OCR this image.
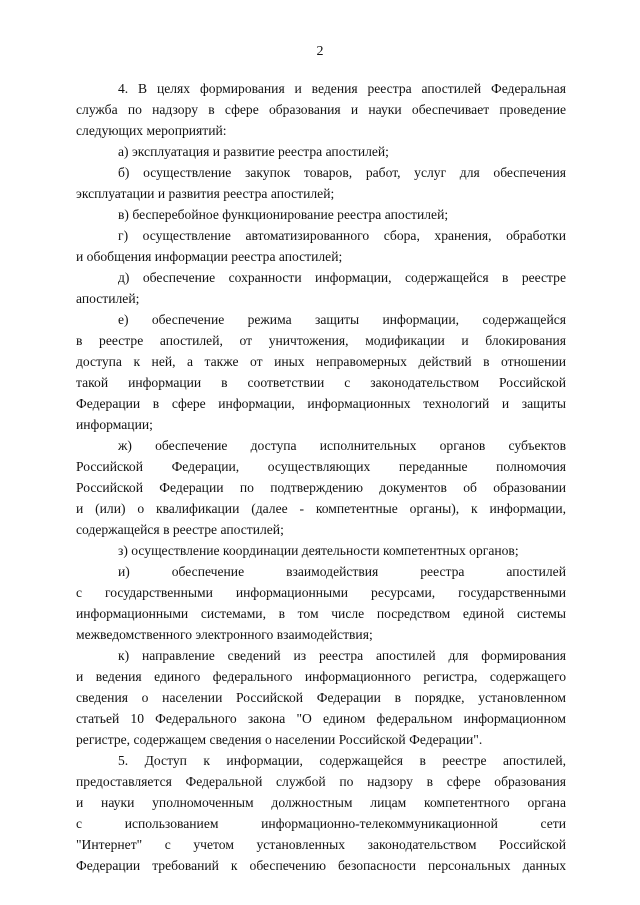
2
4. В целях формирования и ведения реестра апостилей Федеральная
служба по надзору в сфере образования и науки обеспечивает проведение
следующих мероприятий:
а) эксплуатация и развитие реестра апостилей;
б) осуществление закупок товаров, работ, услуг для обеспечения
эксплуатации и развития реестра апостилей;
в) бесперебойное функционирование реестра апостилей;
г) осуществление автоматизированного сбора, хранения, обработки
и обобщения информации реестра апостилей;
д) обеспечение сохранности информации, содержащейся в реестре
апостилей;
е) обеспечение режима защиты информации, содержащейся
в реестре апостилей, от уничтожения, модификации и блокирования
доступа к ней, а также от иных неправомерных действий в отношении
такой информации в соответствии с законодательством Российской
Федерации в сфере информации, информационных технологий и защиты
информации;
ж) обеспечение доступа исполнительных органов субъектов
Российской Федерации, осуществляющих переданные полномочия
Российской Федерации по подтверждению документов об образовании
и (или) о квалификации (далее - компетентные органы), к информации,
содержащейся в реестре апостилей;
з) осуществление координации деятельности компетентных органов;
и) обеспечение взаимодействия реестра апостилей
с государственными информационными ресурсами, государственными
информационными системами, в том числе посредством единой системы
межведомственного электронного взаимодействия;
к) направление сведений из реестра апостилей для формирования
и ведения единого федерального информационного регистра, содержащего
сведения о населении Российской Федерации в порядке, установленном
статьей 10 Федерального закона "О едином федеральном информационном
регистре, содержащем сведения о населении Российской Федерации".
5. Доступ к информации, содержащейся в реестре апостилей,
предоставляется Федеральной службой по надзору в сфере образования
и науки уполномоченным должностным лицам компетентного органа
с использованием информационно-телекоммуникационной сети
"Интернет" с учетом установленных законодательством Российской
Федерации требований к обеспечению безопасности персональных данных
